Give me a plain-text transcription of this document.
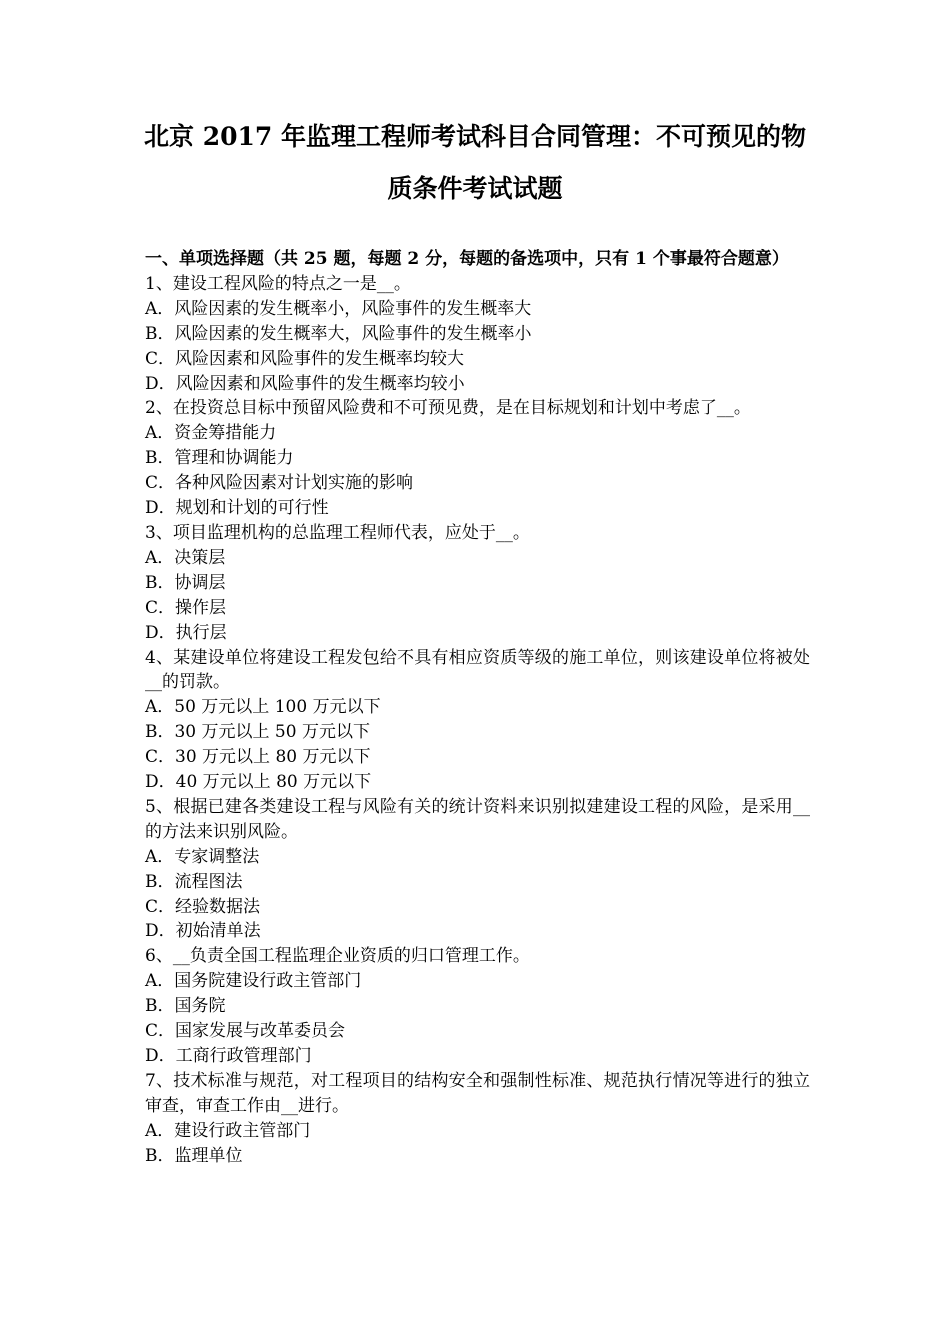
北京 2017 年监理工程师考试科目合同管理：不可预见的物
质条件考试试题

一、单项选择题（共 25 题，每题 2 分，每题的备选项中，只有 1 个事最符合题意）

1、建设工程风险的特点之一是__。

A．风险因素的发生概率小，风险事件的发生概率大

B．风险因素的发生概率大，风险事件的发生概率小

C．风险因素和风险事件的发生概率均较大

D．风险因素和风险事件的发生概率均较小

2、在投资总目标中预留风险费和不可预见费，是在目标规划和计划中考虑了__。

A．资金筹措能力

B．管理和协调能力

C．各种风险因素对计划实施的影响

D．规划和计划的可行性

3、项目监理机构的总监理工程师代表，应处于__。

A．决策层

B．协调层

C．操作层

D．执行层

4、某建设单位将建设工程发包给不具有相应资质等级的施工单位，则该建设单位将被处__的罚款。

A．50 万元以上 100 万元以下

B．30 万元以上 50 万元以下

C．30 万元以上 80 万元以下

D．40 万元以上 80 万元以下

5、根据已建各类建设工程与风险有关的统计资料来识别拟建建设工程的风险，是采用__的方法来识别风险。

A．专家调整法

B．流程图法

C．经验数据法

D．初始清单法

6、__负责全国工程监理企业资质的归口管理工作。

A．国务院建设行政主管部门

B．国务院

C．国家发展与改革委员会

D．工商行政管理部门

7、技术标准与规范，对工程项目的结构安全和强制性标准、规范执行情况等进行的独立审查，审查工作由__进行。

A．建设行政主管部门

B．监理单位
